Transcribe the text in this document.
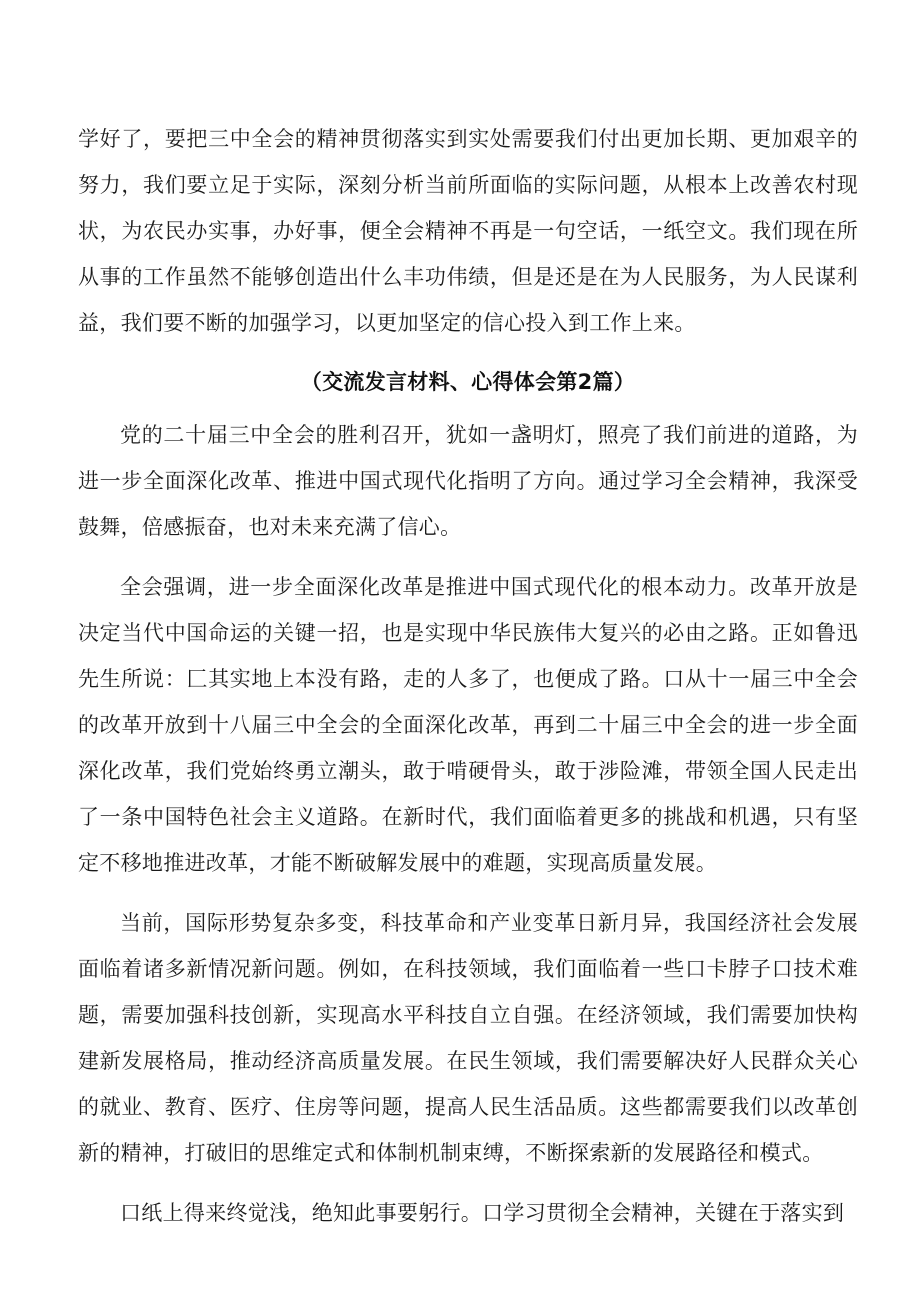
学好了，要把三中全会的精神贯彻落实到实处需要我们付出更加长期、更加艰辛的努力，我们要立足于实际，深刻分析当前所面临的实际问题，从根本上改善农村现状，为农民办实事，办好事，便全会精神不再是一句空话，一纸空文。我们现在所从事的工作虽然不能够创造出什么丰功伟绩，但是还是在为人民服务，为人民谋利益，我们要不断的加强学习，以更加坚定的信心投入到工作上来。

（交流发言材料、心得体会第2篇）

党的二十届三中全会的胜利召开，犹如一盏明灯，照亮了我们前进的道路，为进一步全面深化改革、推进中国式现代化指明了方向。通过学习全会精神，我深受鼓舞，倍感振奋，也对未来充满了信心。

全会强调，进一步全面深化改革是推进中国式现代化的根本动力。改革开放是决定当代中国命运的关键一招，也是实现中华民族伟大复兴的必由之路。正如鲁迅先生所说：匚其实地上本没有路，走的人多了，也便成了路。口从十一届三中全会的改革开放到十八届三中全会的全面深化改革，再到二十届三中全会的进一步全面深化改革，我们党始终勇立潮头，敢于啃硬骨头，敢于涉险滩，带领全国人民走出了一条中国特色社会主义道路。在新时代，我们面临着更多的挑战和机遇，只有坚定不移地推进改革，才能不断破解发展中的难题，实现高质量发展。

当前，国际形势复杂多变，科技革命和产业变革日新月异，我国经济社会发展面临着诸多新情况新问题。例如，在科技领域，我们面临着一些口卡脖子口技术难题，需要加强科技创新，实现高水平科技自立自强。在经济领域，我们需要加快构建新发展格局，推动经济高质量发展。在民生领域，我们需要解决好人民群众关心的就业、教育、医疗、住房等问题，提高人民生活品质。这些都需要我们以改革创新的精神，打破旧的思维定式和体制机制束缚，不断探索新的发展路径和模式。

口纸上得来终觉浅，绝知此事要躬行。口学习贯彻全会精神，关键在于落实到
